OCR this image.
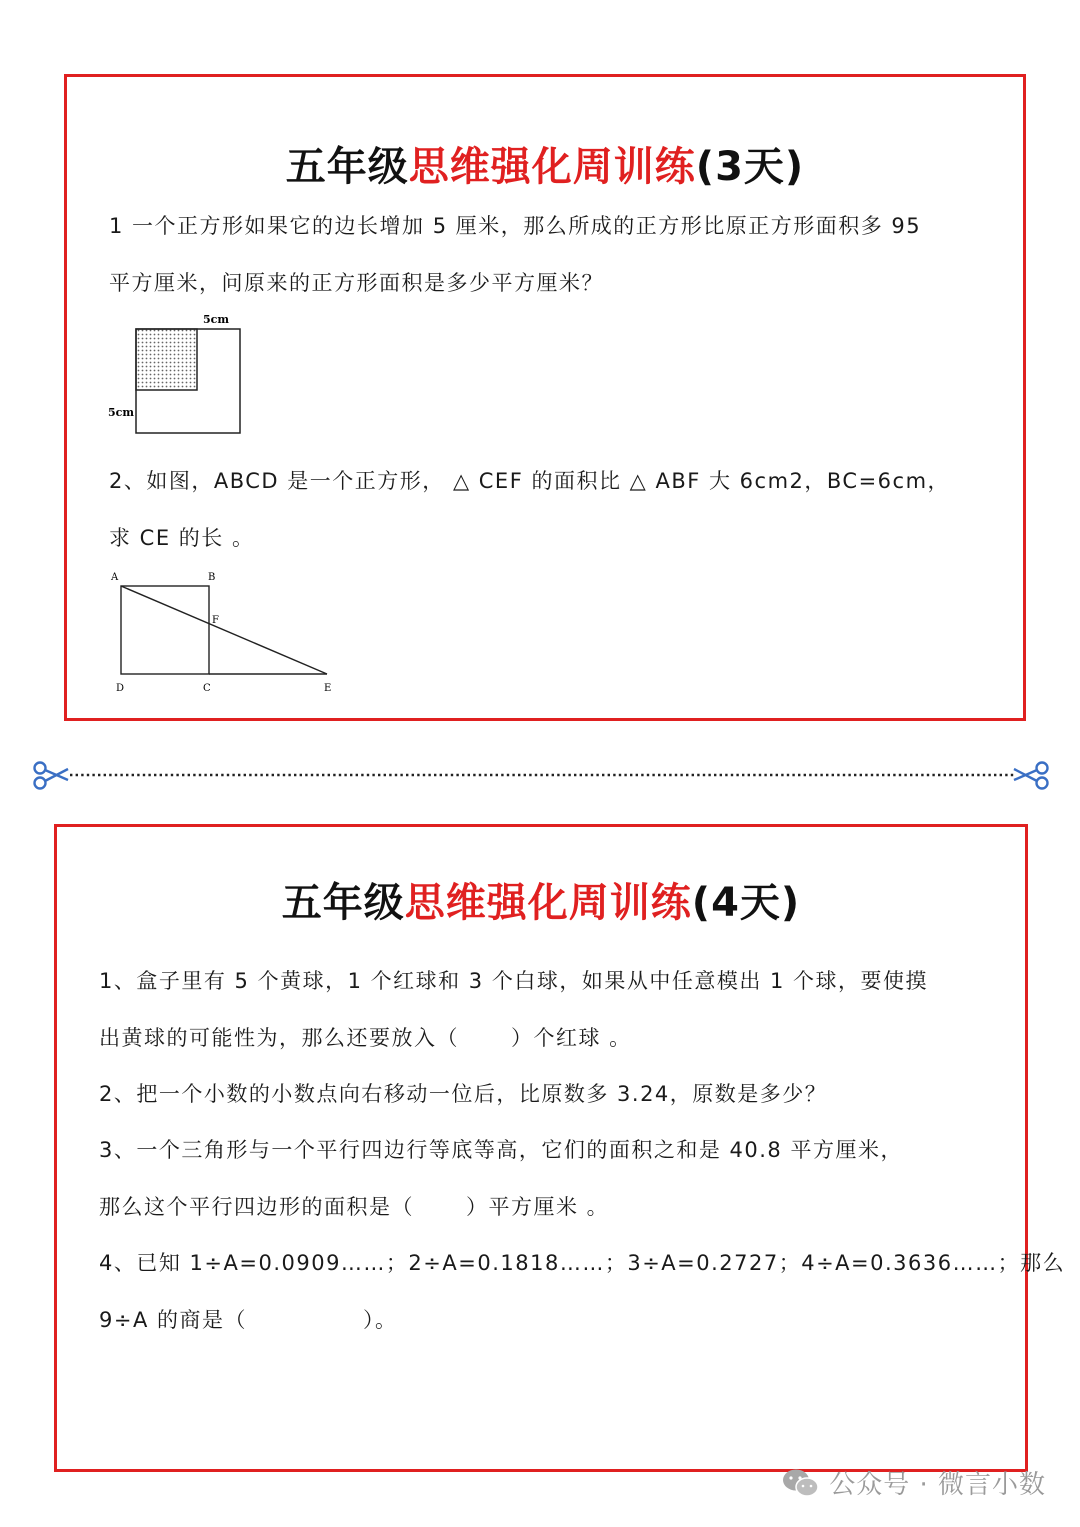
五年级思维强化周训练(3天)
1 一个正方形如果它的边长增加 5 厘米，那么所成的正方形比原正方形面积多 95
平方厘米，问原来的正方形面积是多少平方厘米？
5cm
5cm
2、如图，ABCD 是一个正方形， △ CEF 的面积比 △ ABF 大 6cm2，BC=6cm，
求 CE 的长 。
A	B
F
D	C	E
五年级思维强化周训练(4天)
1、盒子里有 5 个黄球，1 个红球和 3 个白球，如果从中任意模出 1 个球，要使摸
出黄球的可能性为，那么还要放入（ ）个红球 。
2、把一个小数的小数点向右移动一位后，比原数多 3.24，原数是多少？
3、一个三角形与一个平行四边行等底等高，它们的面积之和是 40.8 平方厘米，
那么这个平行四边形的面积是（ ）平方厘米 。
4、已知 1÷A=0.0909……；2÷A=0.1818……；3÷A=0.2727；4÷A=0.3636……；那么
9÷A 的商是（	）。
公众号 · 微言小数
